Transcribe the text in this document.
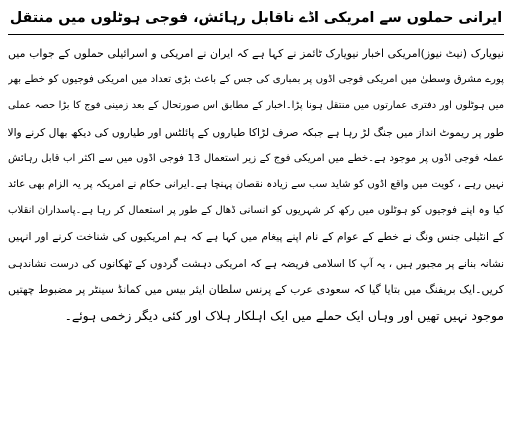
ایرانی حملوں سے امریکی اڈے ناقابل رہائش، فوجی ہوٹلوں میں منتقل
نیویارک (نیٹ نیوز)امریکی اخبار نیویارک ٹائمز نے کہا ہے کہ ایران نے امریکی و اسرائیلی حملوں کے جواب میں
پورے مشرق وسطیٰ میں امریکی فوجی اڈوں پر بمباری کی جس کے باعث بڑی تعداد میں امریکی فوجیوں کو خطے بھر
میں ہوٹلوں اور دفتری عمارتوں میں منتقل ہونا پڑا۔اخبار کے مطابق اس صورتحال کے بعد زمینی فوج کا بڑا حصہ عملی
طور پر ریموٹ انداز میں جنگ لڑ رہا ہے جبکہ صرف لڑاکا طیاروں کے پائلٹس اور طیاروں کی دیکھ بھال کرنے والا
عملہ فوجی اڈوں پر موجود ہے۔خطے میں امریکی فوج کے زیر استعمال 13 فوجی اڈوں میں سے اکثر اب قابل رہائش
نہیں رہے ، کویت میں واقع اڈوں کو شاید سب سے زیادہ نقصان پہنچا ہے۔ایرانی حکام نے امریکہ پر یہ الزام بھی عائد
کیا وہ اپنے فوجیوں کو ہوٹلوں میں رکھ کر شہریوں کو انسانی ڈھال کے طور پر استعمال کر رہا ہے۔پاسداران انقلاب
کے انٹیلی جنس ونگ نے خطے کے عوام کے نام اپنے پیغام میں کہا ہے کہ ہم امریکیوں کی شناخت کرنے اور انہیں
نشانہ بنانے پر مجبور ہیں ، یہ آپ کا اسلامی فریضہ ہے کہ امریکی دہشت گردوں کے ٹھکانوں کی درست نشاندہی
کریں۔ایک بریفنگ میں بتایا گیا کہ سعودی عرب کے پرنس سلطان ایئر بیس میں کمانڈ سینٹر پر مضبوط چھتیں
موجود نہیں تھیں اور وہاں ایک حملے میں ایک اہلکار ہلاک اور کئی دیگر زخمی ہوئے۔
